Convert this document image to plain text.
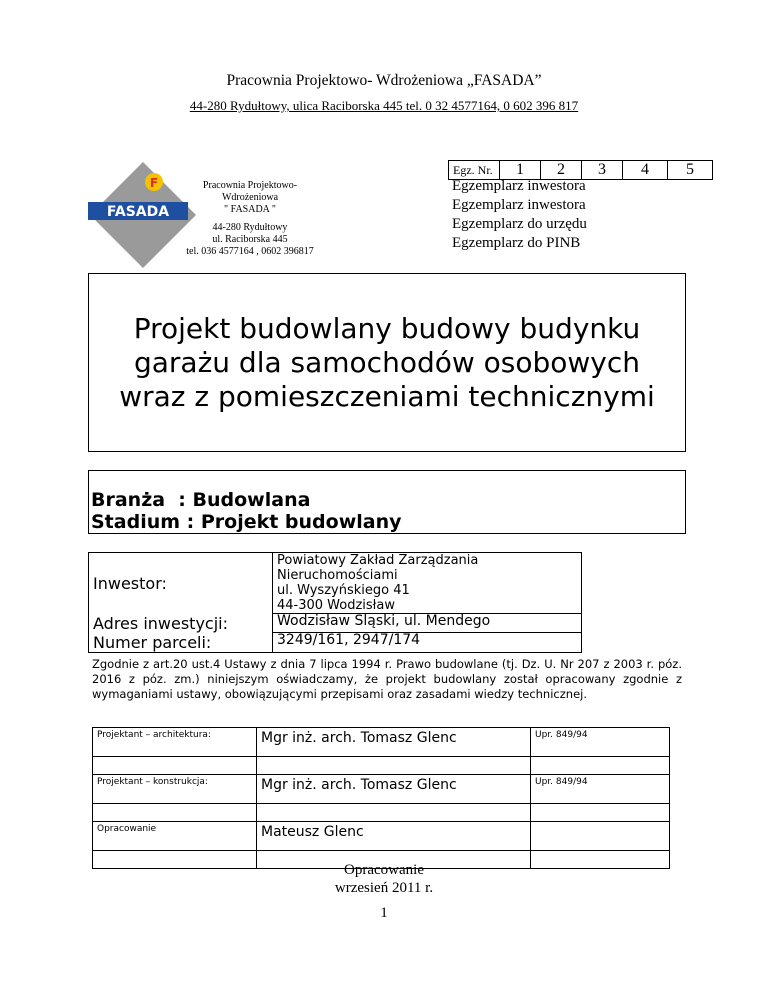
Pracownia Projektowo- Wdrożeniowa „FASADA”
44-280 Rydułtowy, ulica Raciborska 445 tel. 0 32 4577164, 0 602 396 817
FASADA
F	Pracownia Projektowo- Wdrożeniowa
" FASADA "
44-280 Rydułtowy
ul. Raciborska 445
tel. 036 4577164 , 0602 396817
Egz. Nr.	1	2	3	4	5
Egzemplarz inwestora
Egzemplarz inwestora
Egzemplarz do urzędu
Egzemplarz do PINB
Projekt budowlany budowy budynku
garażu dla samochodów osobowych
wraz z pomieszczeniami technicznymi
Branża  : Budowlana
Stadium : Projekt budowlany
Inwestor:	Powiatowy Zakład Zarządzania Nieruchomościami
ul. Wyszyńskiego 41
44-300 Wodzisław

Adres inwestycji:	Wodzisław Sląski, ul. Mendego
Numer parceli:	3249/161, 2947/174
Zgodnie z art.20 ust.4 Ustawy z dnia 7 lipca 1994 r. Prawo budowlane (tj. Dz. U. Nr 207 z 2003 r. póz. 2016 z póz. zm.) niniejszym oświadczamy, że projekt budowlany został opracowany zgodnie z wymaganiami ustawy, obowiązującymi przepisami oraz zasadami wiedzy technicznej.
Projektant – architektura:	Mgr inż. arch. Tomasz Glenc	Upr. 849/94

Projektant – konstrukcja:	Mgr inż. arch. Tomasz Glenc	Upr. 849/94

Opracowanie	Mateusz Glenc	

Opracowanie
wrzesień 2011 r.
1
